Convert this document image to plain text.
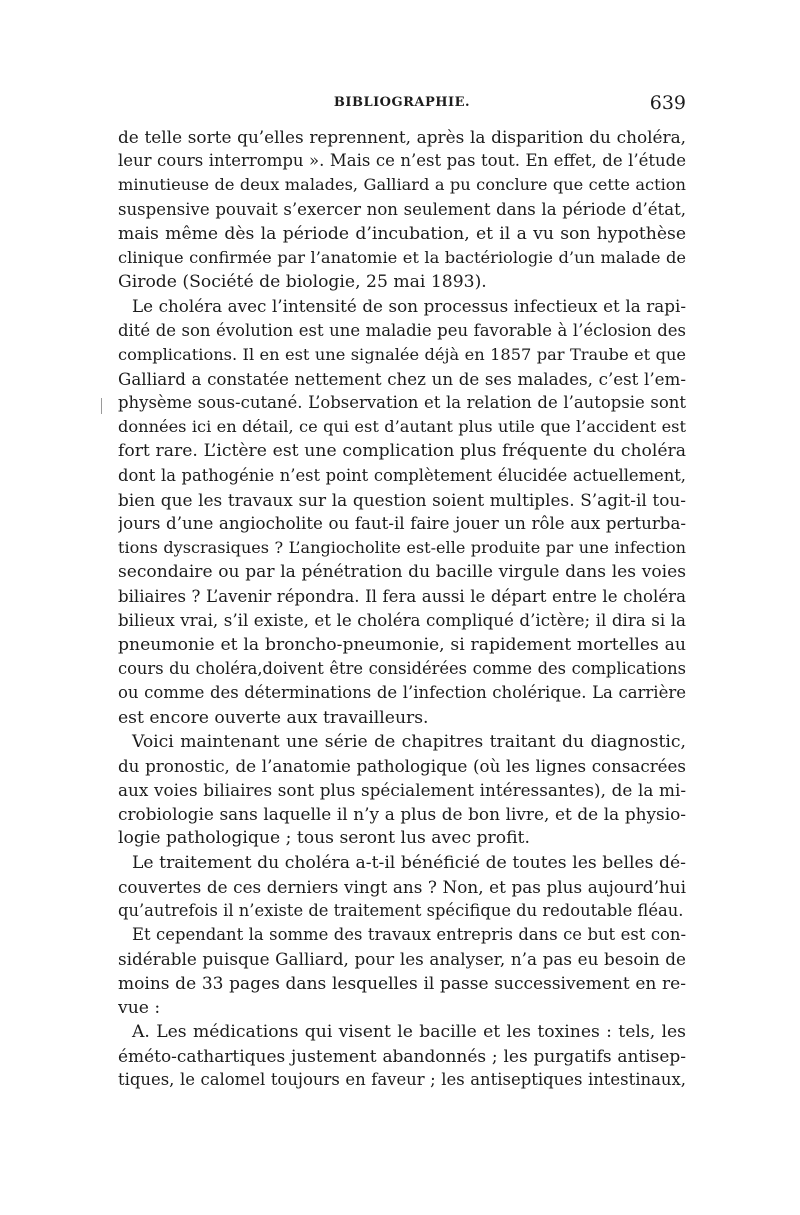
BIBLIOGRAPHIE.	639
de telle sorte qu’elles reprennent, après la disparition du choléra,
leur cours interrompu ». Mais ce n’est pas tout. En effet, de l’étude
minutieuse de deux malades, Galliard a pu conclure que cette action
suspensive pouvait s’exercer non seulement dans la période d’état,
mais même dès la période d’incubation, et il a vu son hypothèse
clinique confirmée par l’anatomie et la bactériologie d’un malade de
Girode (Société de biologie, 25 mai 1893).
Le choléra avec l’intensité de son processus infectieux et la rapi-
dité de son évolution est une maladie peu favorable à l’éclosion des
complications. Il en est une signalée déjà en 1857 par Traube et que
Galliard a constatée nettement chez un de ses malades, c’est l’em-
physème sous-cutané. L’observation et la relation de l’autopsie sont
données ici en détail, ce qui est d’autant plus utile que l’accident est
fort rare. L’ictère est une complication plus fréquente du choléra
dont la pathogénie n’est point complètement élucidée actuellement,
bien que les travaux sur la question soient multiples. S’agit-il tou-
jours d’une angiocholite ou faut-il faire jouer un rôle aux perturba-
tions dyscrasiques ? L’angiocholite est-elle produite par une infection
secondaire ou par la pénétration du bacille virgule dans les voies
biliaires ? L’avenir répondra. Il fera aussi le départ entre le choléra
bilieux vrai, s’il existe, et le choléra compliqué d’ictère; il dira si la
pneumonie et la broncho-pneumonie, si rapidement mortelles au
cours du choléra,doivent être considérées comme des complications
ou comme des déterminations de l’infection cholérique. La carrière
est encore ouverte aux travailleurs.
Voici maintenant une série de chapitres traitant du diagnostic,
du pronostic, de l’anatomie pathologique (où les lignes consacrées
aux voies biliaires sont plus spécialement intéressantes), de la mi-
crobiologie sans laquelle il n’y a plus de bon livre, et de la physio-
logie pathologique ; tous seront lus avec profit.
Le traitement du choléra a-t-il bénéficié de toutes les belles dé-
couvertes de ces derniers vingt ans ? Non, et pas plus aujourd’hui
qu’autrefois il n’existe de traitement spécifique du redoutable fléau.
Et cependant la somme des travaux entrepris dans ce but est con-
sidérable puisque Galliard, pour les analyser, n’a pas eu besoin de
moins de 33 pages dans lesquelles il passe successivement en re-
vue :
A. Les médications qui visent le bacille et les toxines : tels, les
éméto-cathartiques justement abandonnés ; les purgatifs antisep-
tiques, le calomel toujours en faveur ; les antiseptiques intestinaux,
